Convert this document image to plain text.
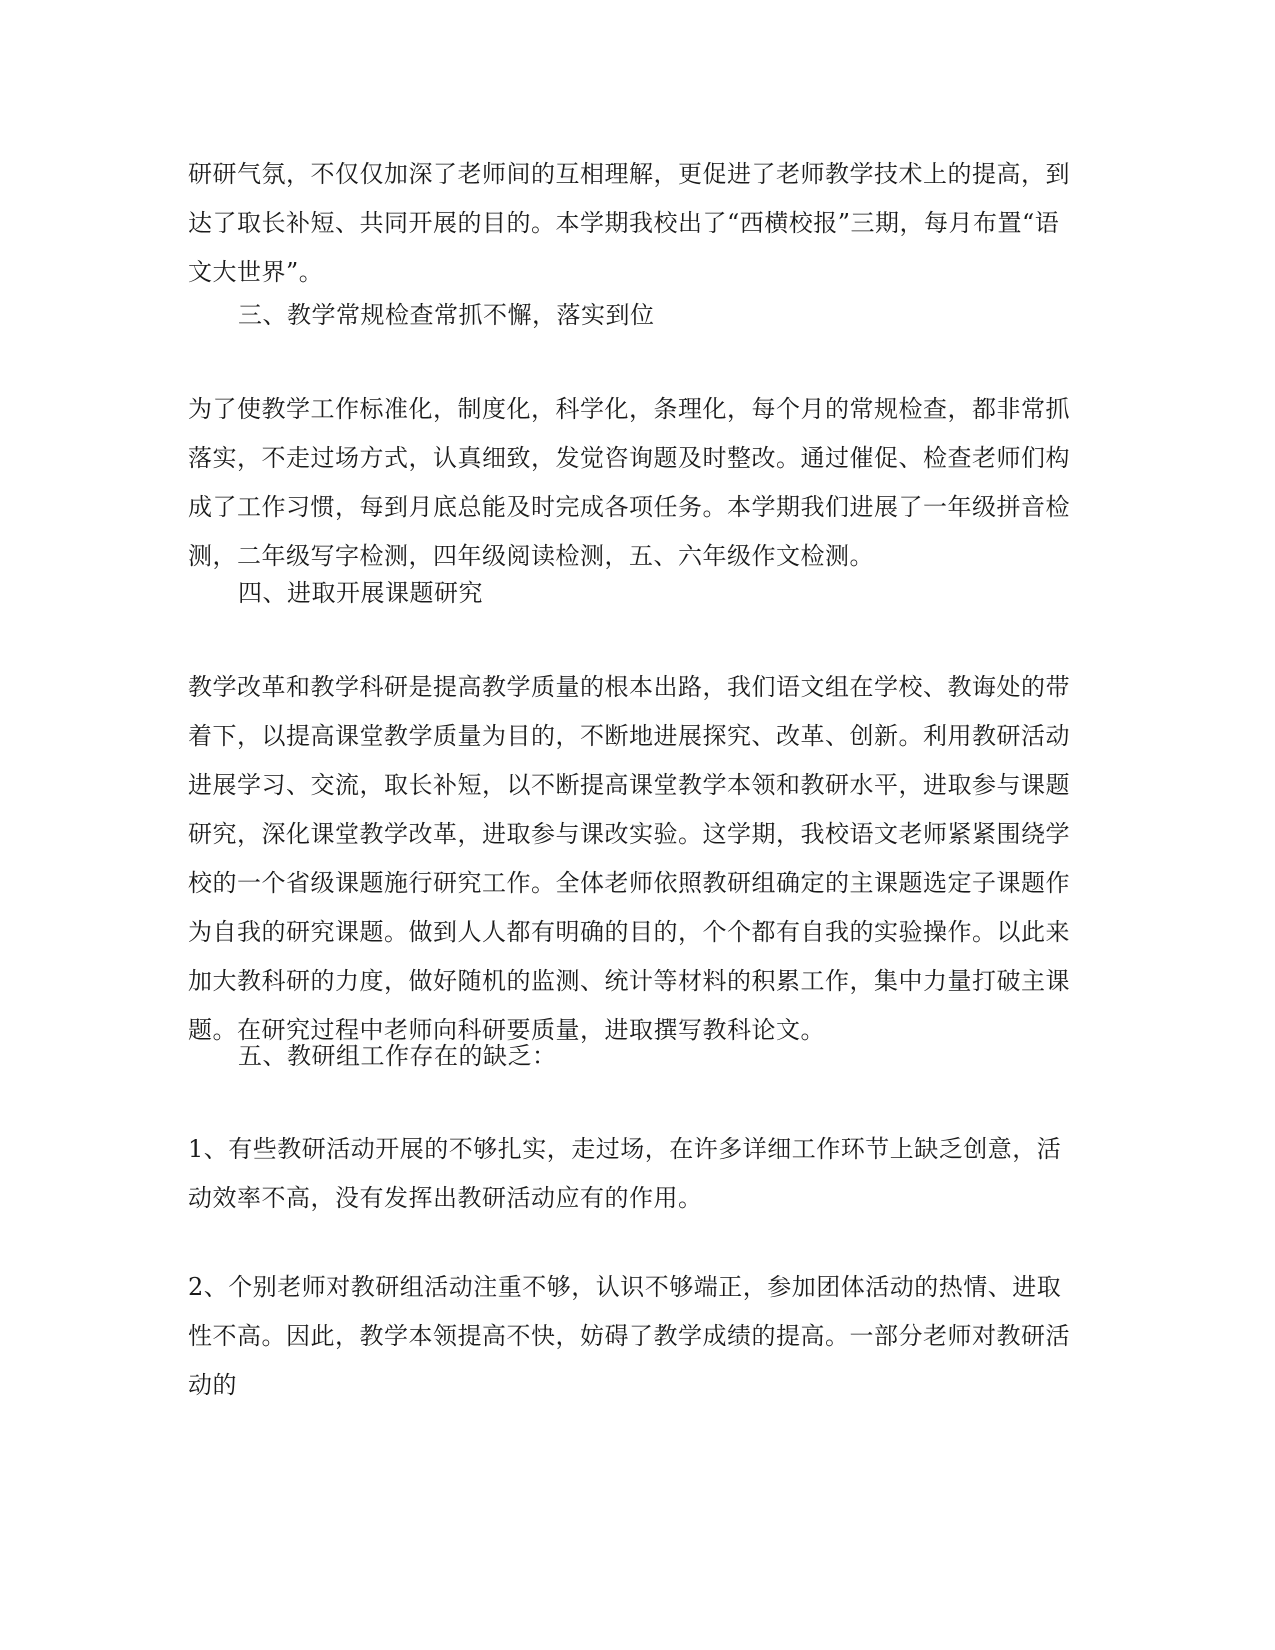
研研气氛，不仅仅加深了老师间的互相理解，更促进了老师教学技术上的提高，到达了取长补短、共同开展的目的。本学期我校出了“西横校报”三期，每月布置“语文大世界”。

三、教学常规检查常抓不懈，落实到位

为了使教学工作标准化，制度化，科学化，条理化，每个月的常规检查，都非常抓落实，不走过场方式，认真细致，发觉咨询题及时整改。通过催促、检查老师们构成了工作习惯，每到月底总能及时完成各项任务。本学期我们进展了一年级拼音检测，二年级写字检测，四年级阅读检测，五、六年级作文检测。

四、进取开展课题研究

教学改革和教学科研是提高教学质量的根本出路，我们语文组在学校、教诲处的带着下，以提高课堂教学质量为目的，不断地进展探究、改革、创新。利用教研活动进展学习、交流，取长补短，以不断提高课堂教学本领和教研水平，进取参与课题研究，深化课堂教学改革，进取参与课改实验。这学期，我校语文老师紧紧围绕学校的一个省级课题施行研究工作。全体老师依照教研组确定的主课题选定子课题作为自我的研究课题。做到人人都有明确的目的，个个都有自我的实验操作。以此来加大教科研的力度，做好随机的监测、统计等材料的积累工作，集中力量打破主课题。在研究过程中老师向科研要质量，进取撰写教科论文。

五、教研组工作存在的缺乏：

1、有些教研活动开展的不够扎实，走过场，在许多详细工作环节上缺乏创意，活动效率不高，没有发挥出教研活动应有的作用。

2、个别老师对教研组活动注重不够，认识不够端正，参加团体活动的热情、进取性不高。因此，教学本领提高不快，妨碍了教学成绩的提高。一部分老师对教研活动的
